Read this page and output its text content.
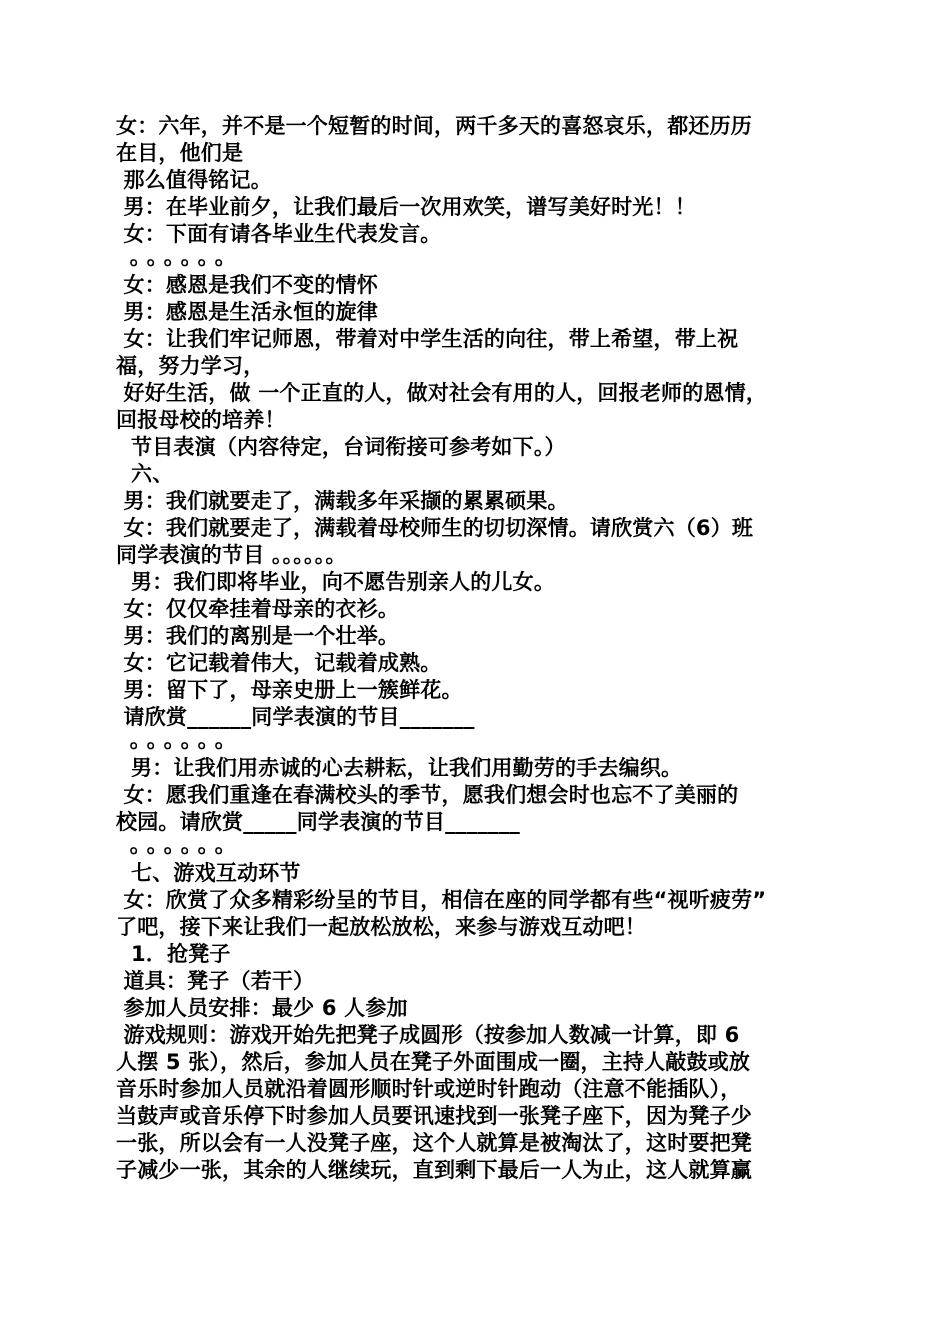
女：六年，并不是一个短暂的时间，两千多天的喜怒哀乐，都还历历
在目，他们是
那么值得铭记。
男：在毕业前夕，让我们最后一次用欢笑，谱写美好时光！！
女：下面有请各毕业生代表发言。
。。。。。。
女：感恩是我们不变的情怀
男：感恩是生活永恒的旋律
女：让我们牢记师恩，带着对中学生活的向往，带上希望，带上祝
福，努力学习，
好好生活，做 一个正直的人，做对社会有用的人，回报老师的恩情，
回报母校的培养！
节目表演（内容待定，台词衔接可参考如下。）
六、
男：我们就要走了，满载多年采撷的累累硕果。
女：我们就要走了，满载着母校师生的切切深情。请欣赏六（6）班
同学表演的节目 。。。。。。
男：我们即将毕业，向不愿告别亲人的儿女。
女：仅仅牵挂着母亲的衣衫。
男：我们的离别是一个壮举。
女：它记载着伟大，记载着成熟。
男：留下了，母亲史册上一簇鲜花。
请欣赏______同学表演的节目_______
。。。。。。
男：让我们用赤诚的心去耕耘，让我们用勤劳的手去编织。
女：愿我们重逢在春满校头的季节，愿我们想会时也忘不了美丽的
校园。请欣赏_____同学表演的节目_______
。。。。。。
七、游戏互动环节
女：欣赏了众多精彩纷呈的节目，相信在座的同学都有些“视听疲劳”
了吧，接下来让我们一起放松放松，来参与游戏互动吧！
1．抢凳子
道具：凳子（若干）
参加人员安排：最少 6 人参加
游戏规则：游戏开始先把凳子成圆形（按参加人数减一计算，即 6
人摆 5 张），然后，参加人员在凳子外面围成一圈，主持人敲鼓或放
音乐时参加人员就沿着圆形顺时针或逆时针跑动（注意不能插队），
当鼓声或音乐停下时参加人员要讯速找到一张凳子座下，因为凳子少
一张，所以会有一人没凳子座，这个人就算是被淘汰了，这时要把凳
子减少一张，其余的人继续玩，直到剩下最后一人为止，这人就算赢
